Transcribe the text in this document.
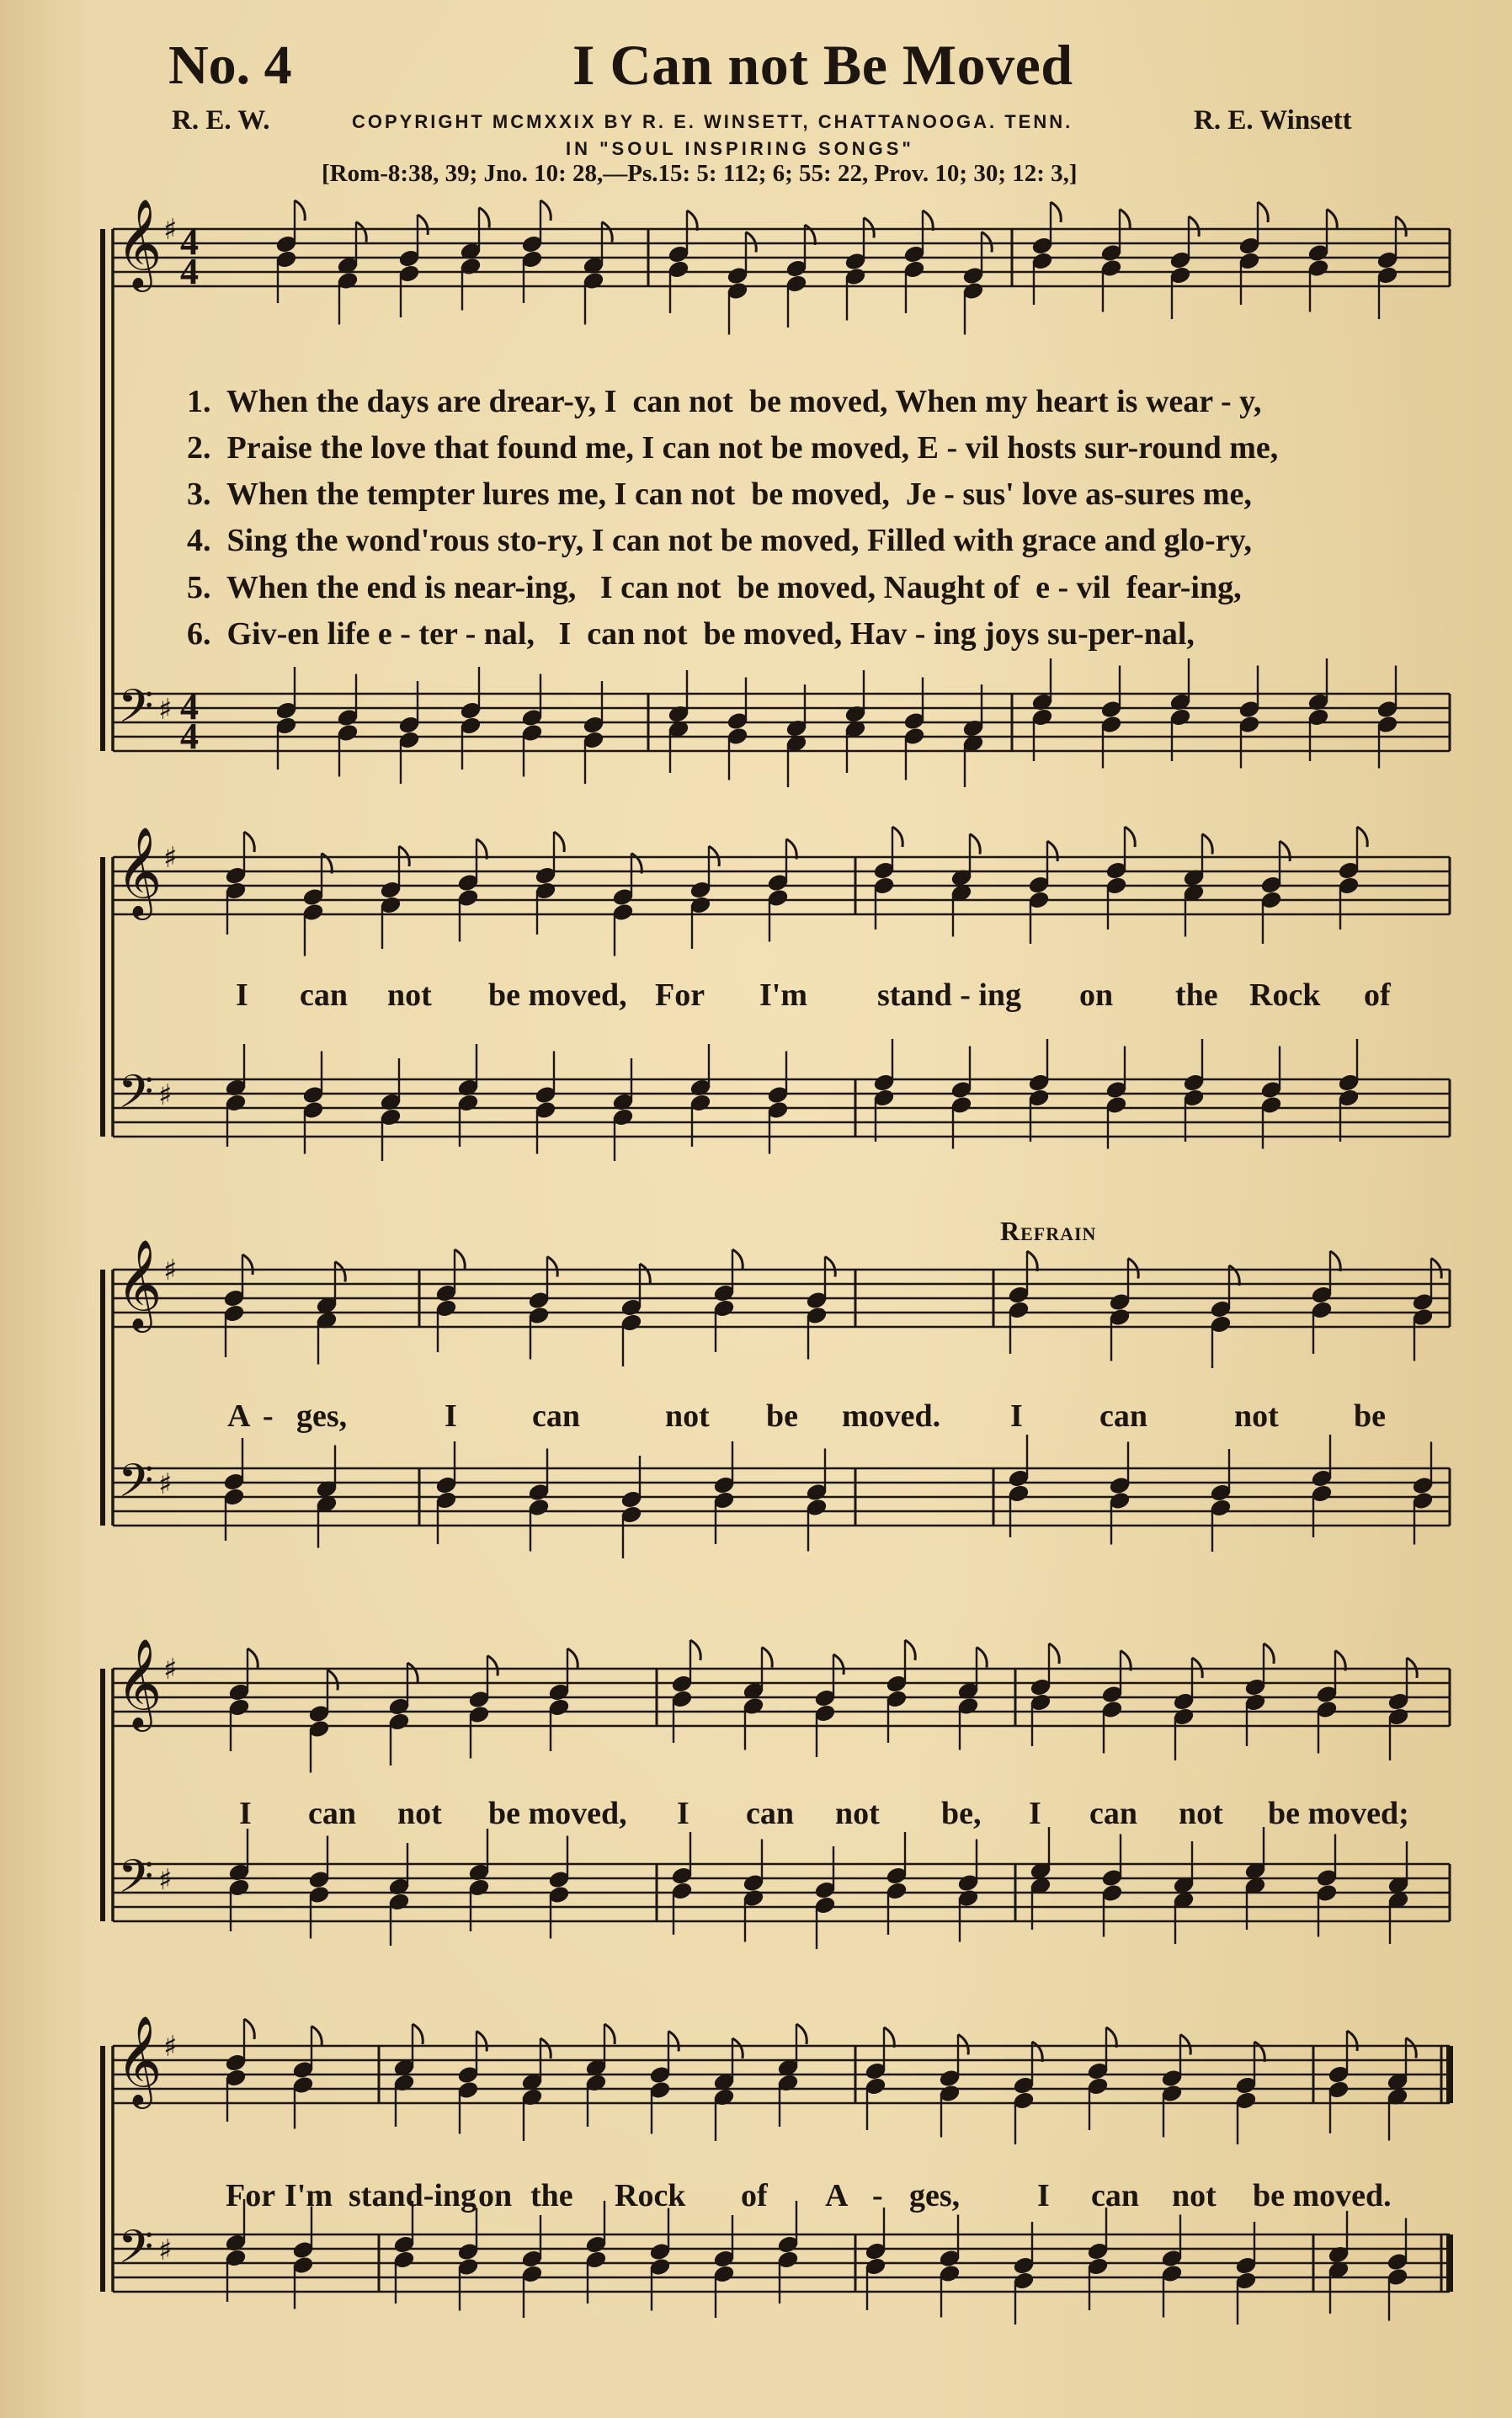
No. 4	I Can not Be Moved
R. E. W.	COPYRIGHT MCMXXIX BY R. E. WINSETT, CHATTANOOGA. TENN.
IN "SOUL INSPIRING SONGS"
R. E. Winsett
[Rom-8:38, 39; Jno. 10: 28,—Ps.15: 5: 112; 6; 55: 22, Prov. 10; 30; 12: 3,]
𝄞
𝄢
♯
♯
4
4
4
4
𝄞
𝄢
♯
♯
𝄞
𝄢
♯
♯
𝄞
𝄢
♯
♯
𝄞
𝄢
♯
♯
1.  When the days are drear-y, I  can not  be moved, When my heart is wear - y,
2.  Praise the love that found me, I can not be moved, E - vil hosts sur-round me,
3.  When the tempter lures me, I can not  be moved,  Je - sus' love as-sures me,
4.  Sing the wond'rous sto-ry, I can not be moved, Filled with grace and glo-ry,
5.  When the end is near-ing,   I can not  be moved, Naught of  e - vil  fear-ing,
6.  Giv-en life e - ter - nal,   I  can not  be moved, Hav - ing joys su-per-nal,
Refrain
I can not be moved, For I'm stand - ing on the Rock of
A - ges,	I can	not be moved. I can	not be
I can not be moved, I can not be, I can not be moved;
For I'm stand-ing on the Rock of A - ges, I can not be moved.
